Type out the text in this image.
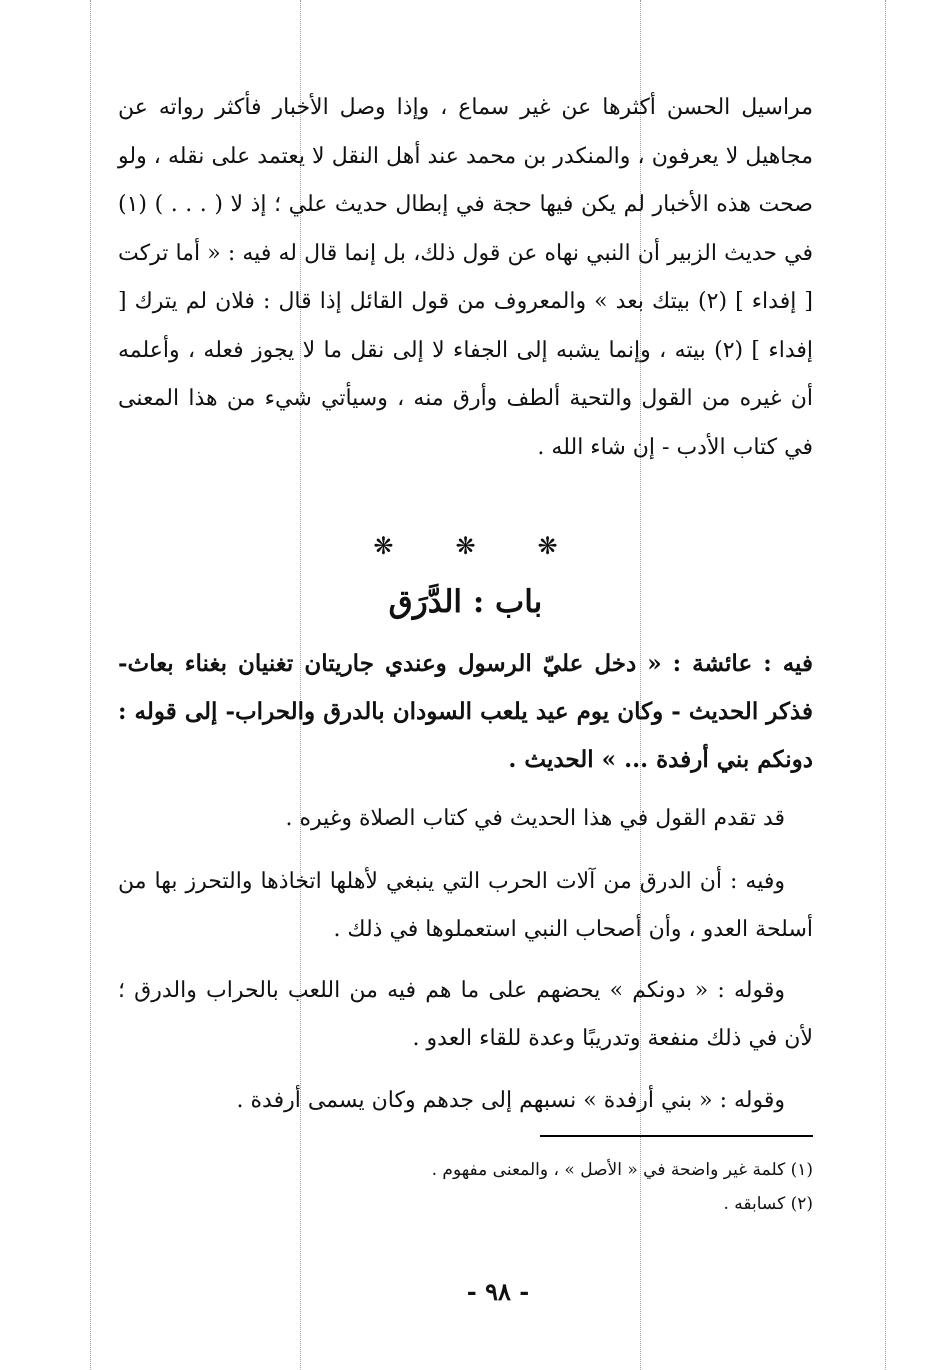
مراسيل الحسن أكثرها عن غير سماع ، وإذا وصل الأخبار فأكثر رواته عن مجاهيل لا يعرفون ، والمنكدر بن محمد عند أهل النقل لا يعتمد على نقله ، ولو صحت هذه الأخبار لم يكن فيها حجة في إبطال حديث علي ؛ إذ لا ( . . . ) (١) في حديث الزبير أن النبي نهاه عن قول ذلك، بل إنما قال له فيه : « أما تركت [ إفداء ] (٢) بيتك بعد » والمعروف من قول القائل إذا قال : فلان لم يترك [ إفداء ] (٢) بيته ، وإنما يشبه إلى الجفاء لا إلى نقل ما لا يجوز فعله ، وأعلمه أن غيره من القول والتحية ألطف وأرق منه ، وسيأتي شيء من هذا المعنى في كتاب الأدب - إن شاء الله .

❋	❋	❋
باب : الدَّرَق

فيه : عائشة : « دخل عليّ الرسول وعندي جاريتان تغنيان بغناء بعاث- فذكر الحديث - وكان يوم عيد يلعب السودان بالدرق والحراب- إلى قوله : دونكم بني أرفدة ... » الحديث .

قد تقدم القول في هذا الحديث في كتاب الصلاة وغيره .

وفيه : أن الدرق من آلات الحرب التي ينبغي لأهلها اتخاذها والتحرز بها من أسلحة العدو ، وأن أصحاب النبي استعملوها في ذلك .

وقوله : « دونكم » يحضهم على ما هم فيه من اللعب بالحراب والدرق ؛ لأن في ذلك منفعة وتدريبًا وعدة للقاء العدو .

وقوله : « بني أرفدة » نسبهم إلى جدهم وكان يسمى أرفدة .

(١) كلمة غير واضحة في « الأصل » ، والمعنى مفهوم .

(٢) كسابقه .

- ٩٨ -
